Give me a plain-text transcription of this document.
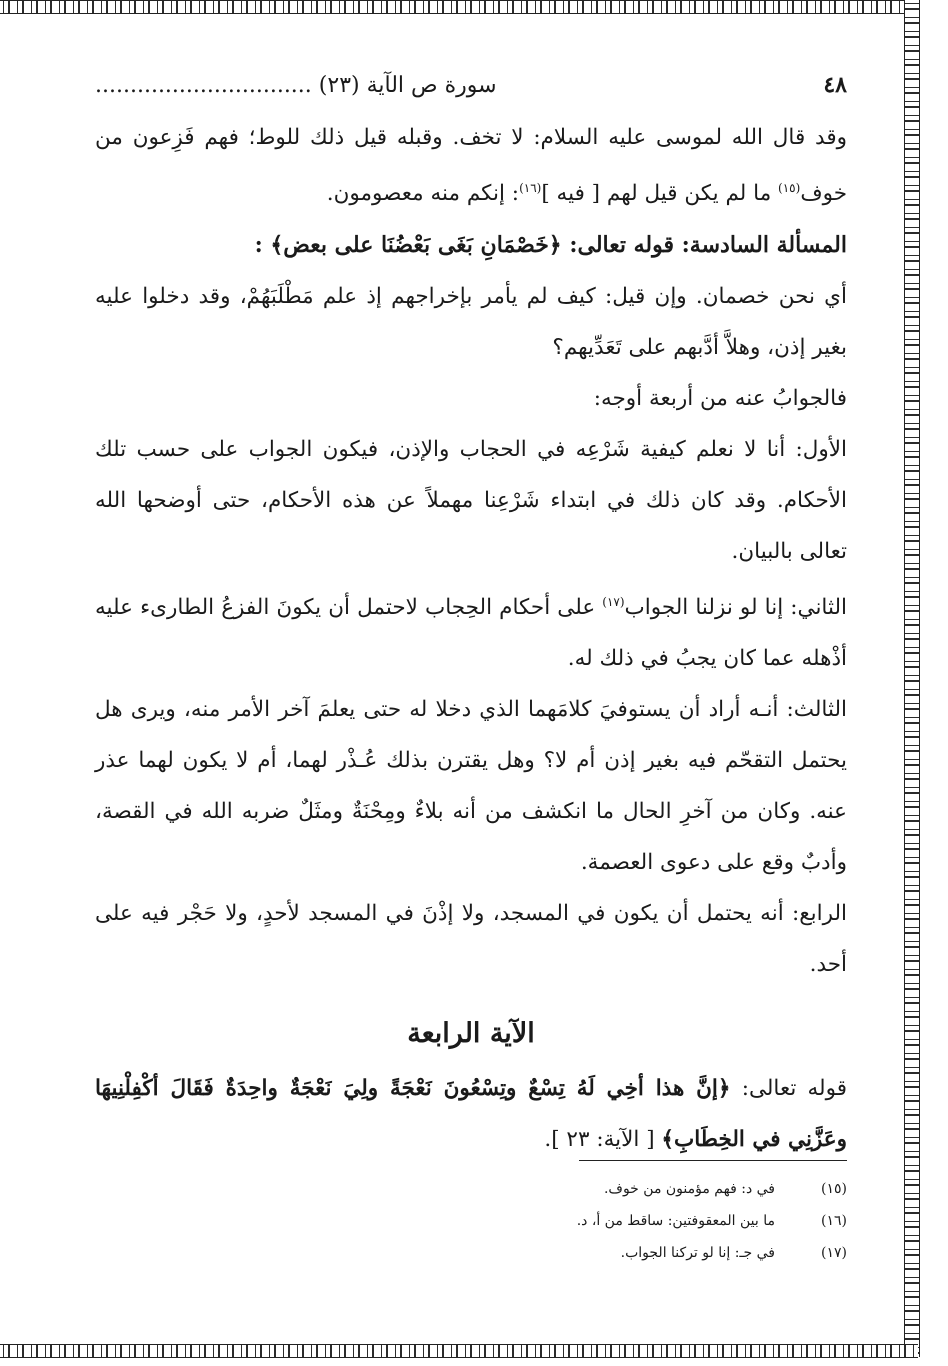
٤٨
سورة ص الآية (٢٣) ...............................

وقد قال الله لموسى عليه السلام: لا تخف. وقبله قيل ذلك للوط؛ فهم فَزِعون من خوف$^{(١٥)}$ ما لم يكن قيل لهم [ فيه ]$^{(١٦)}$: إنكم منه معصومون.

المسألة السادسة: قوله تعالى: ﴿خَصْمَانِ بَغَى بَعْضُنَا على بعض﴾ :

أي نحن خصمان. وإن قيل: كيف لم يأمر بإخراجهم إذ علم مَطْلَبَهُمْ، وقد دخلوا عليه بغير إذن، وهلاَّ أدَّبهم على تَعَدِّيهم؟

فالجوابُ عنه من أربعة أوجه:

الأول: أنا لا نعلم كيفية شَرْعِه في الحجاب والإذن، فيكون الجواب على حسب تلك الأحكام. وقد كان ذلك في ابتداء شَرْعِنا مهملاً عن هذه الأحكام، حتى أوضحها الله تعالى بالبيان.

الثاني: إنا لو نزلنا الجواب$^{(١٧)}$ على أحكام الحِجاب لاحتمل أن يكونَ الفزعُ الطارىء عليه أذْهله عما كان يجبُ في ذلك له.

الثالث: أنـه أراد أن يستوفيَ كلامَهما الذي دخلا له حتى يعلمَ آخر الأمر منه، ويرى هل يحتمل التقحّم فيه بغير إذن أم لا؟ وهل يقترن بذلك عُـذْر لهما، أم لا يكون لهما عذر عنه. وكان من آخرِ الحال ما انكشف من أنه بلاءٌ ومِحْنَةٌ ومثَلٌ ضربه الله في القصة، وأدبٌ وقع على دعوى العصمة.

الرابع: أنه يحتمل أن يكون في المسجد، ولا إذْنَ في المسجد لأحدٍ، ولا حَجْر فيه على أحد.

الآية الرابعة

قوله تعالى: ﴿إنَّ هذا أخِي لَهُ تِسْعٌ وتِسْعُونَ نَعْجَةً ولِيَ نَعْجَةٌ واحِدَةٌ فَقَالَ أكْفِلْنِيهَا وعَزَّنِي في الخِطَابِ﴾ [ الآية: ٢٣ ].

(١٥)
في د: فهم مؤمنون من خوف.
(١٦)
ما بين المعقوفتين: ساقط من أ، د.
(١٧)
في جـ: إنا لو تركنا الجواب.
